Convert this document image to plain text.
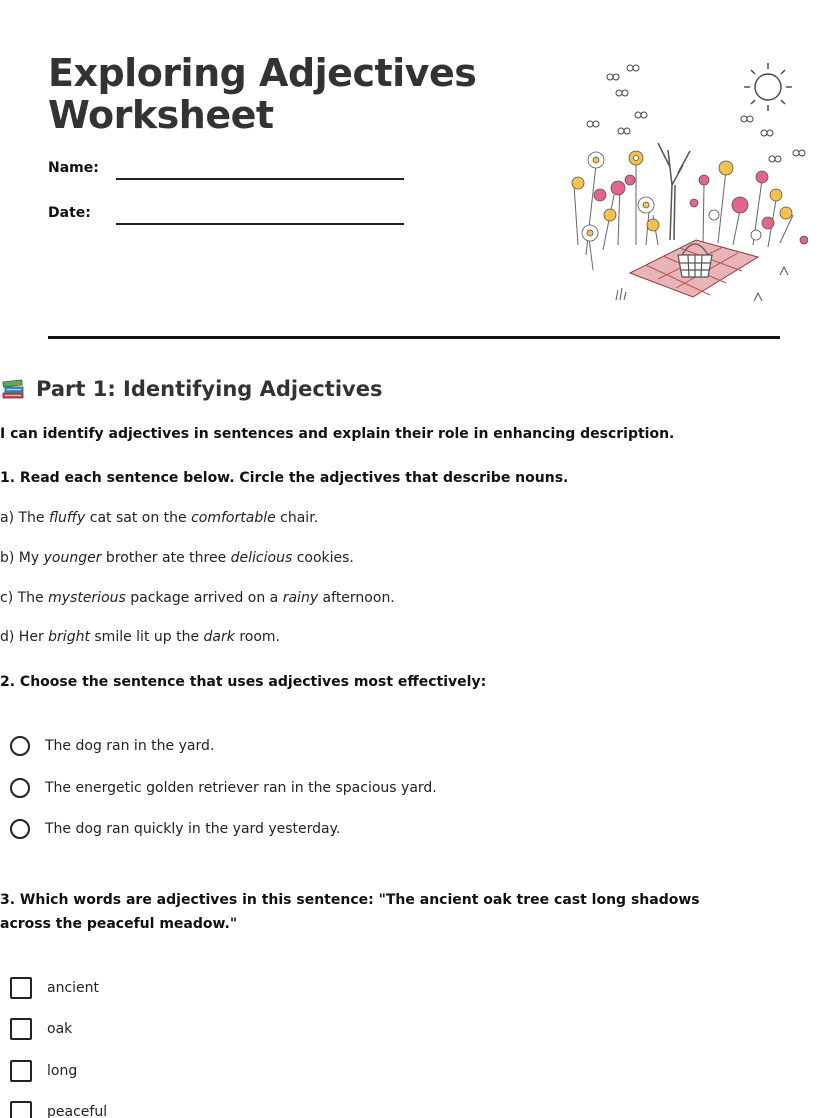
Exploring Adjectives
Worksheet
Name:
Date:
Part 1: Identifying Adjectives

I can identify adjectives in sentences and explain their role in enhancing description.

1. Read each sentence below. Circle the adjectives that describe nouns.

a) The fluffy cat sat on the comfortable chair.

b) My younger brother ate three delicious cookies.

c) The mysterious package arrived on a rainy afternoon.

d) Her bright smile lit up the dark room.

2. Choose the sentence that uses adjectives most effectively:

The dog ran in the yard.
The energetic golden retriever ran in the spacious yard.
The dog ran quickly in the yard yesterday.

3. Which words are adjectives in this sentence: "The ancient oak tree cast long shadows across the peaceful meadow."

ancient
oak
long
peaceful
